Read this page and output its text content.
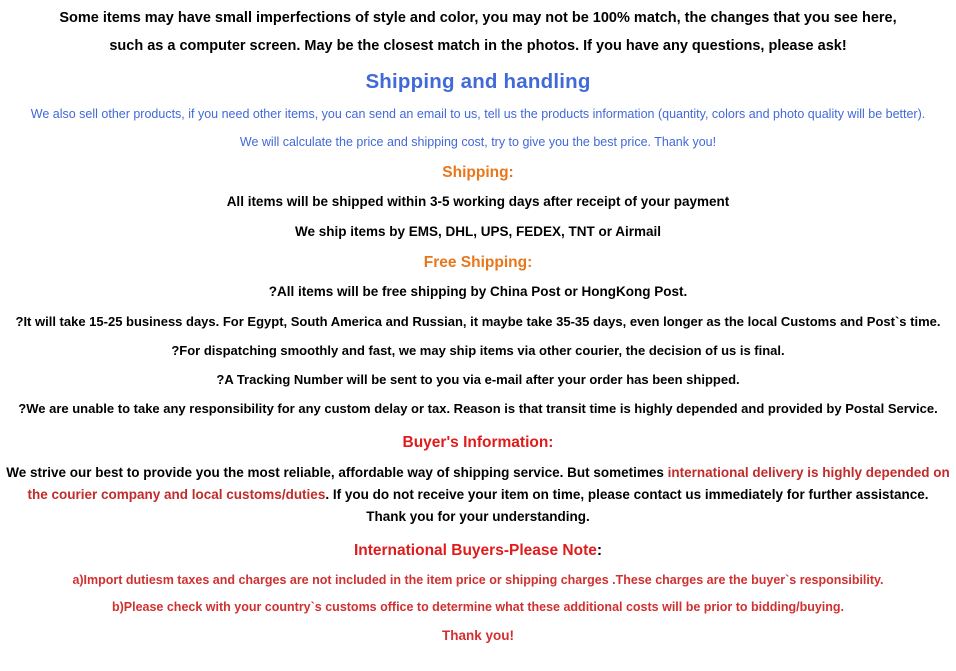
Some items may have small imperfections of style and color, you may not be 100% match, the changes that you see here,
such as a computer screen. May be the closest match in the photos. If you have any questions, please ask!
Shipping and handling
We also sell other products, if you need other items, you can send an email to us, tell us the products information (quantity, colors and photo quality will be better).
We will calculate the price and shipping cost, try to give you the best price. Thank you!
Shipping:
All items will be shipped within 3-5 working days after receipt of your payment
We ship items by EMS, DHL, UPS, FEDEX, TNT or Airmail
Free Shipping:
?All items will be free shipping by China Post or HongKong Post.
?It will take 15-25 business days. For Egypt, South America and Russian, it maybe take 35-35 days, even longer as the local Customs and Post`s time.
?For dispatching smoothly and fast, we may ship items via other courier, the decision of us is final.
?A Tracking Number will be sent to you via e-mail after your order has been shipped.
?We are unable to take any responsibility for any custom delay or tax. Reason is that transit time is highly depended and provided by Postal Service.
Buyer's Information:
We strive our best to provide you the most reliable, affordable way of shipping service. But sometimes international delivery is highly depended on the courier company and local customs/duties. If you do not receive your item on time, please contact us immediately for further assistance. Thank you for your understanding.
International Buyers-Please Note:
a)Import dutiesm taxes and charges are not included in the item price or shipping charges .These charges are the buyer`s responsibility.
b)Please check with your country`s customs office to determine what these additional costs will be prior to bidding/buying.
Thank you!
